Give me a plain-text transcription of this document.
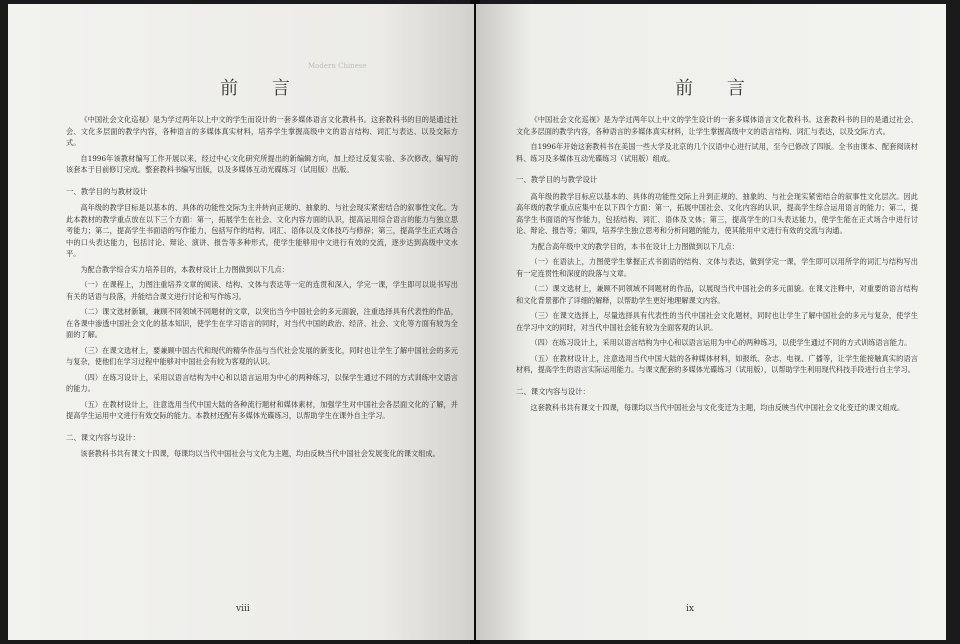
Modern Chinese
前 言

《中国社会文化巡视》是为学过两年以上中文的学生而设计的一套多媒体语言文化教科书。这套教科书的目的是通过社会、文化多层面的教学内容，各种语言的多媒体真实材料，培养学生掌握高级中文的语言结构、词汇与表达、以及交际方式。

自1996年该教材编写工作开展以来，经过中心文化研究所提出的新编辑方向，加上经过反复实验、多次修改，编写的该套本于目前修订完成。整套教科书编写出版，以及多媒体互动光碟练习（试用版）出版。

一、教学目的与教材设计

高年级的教学目标是以基本的、具体的功能性交际为主并转向正规的、抽象的、与社会现实紧密结合的叙事性文化。为此本教材的教学重点放在以下三个方面：第一，拓展学生在社会、文化内容方面的认识，提高运用综合语言的能力与独立思考能力；第二，提高学生书面语的写作能力，包括写作的结构、词汇、语体以及文体技巧与修辞；第三，提高学生正式场合中的口头表达能力，包括讨论、辩论、演讲、报告等多种形式，使学生能够用中文进行有效的交流，逐步达到高级中文水平。

为配合教学综合实力培养目的，本教材设计上力图做到以下几点：

（一）在课程上，力图注重培养文章的阅读、结构、文体与表达等一定的连贯和深入，学完一课，学生即可以说书写出有关的话语与段落，并能结合课文进行讨论和写作练习。

（二）课文选材新颖，兼顾不同领域不同题材的文章，以突出当今中国社会的多元面貌，注重选择具有代表性的作品，在各课中渗透中国社会文化的基本知识，使学生在学习语言的同时，对当代中国的政治、经济、社会、文化等方面有较为全面的了解。

（三）在课文选材上，要兼顾中国古代和现代的精华作品与当代社会发展的新变化，同时也让学生了解中国社会的多元与复杂，使他们在学习过程中能够对中国社会有较为客观的认识。

（四）在练习设计上，采用以语言结构为中心和以语言运用为中心的两种练习，以保学生通过不同的方式训练中文语言的能力。

（五）在教材设计上，注意选用当代中国大陆的各种流行题材和媒体素材，加强学生对中国社会各层面文化的了解，并提高学生运用中文进行有效交际的能力。本教材还配有多媒体光碟练习，以帮助学生在课外自主学习。

二、课文内容与设计：

该套教科书共有课文十四课，每课均以当代中国社会与文化为主题，均由反映当代中国社会发展变化的课文组成。

viii
前 言

《中国社会文化巡视》是为学过两年以上中文的学生设计的一套多媒体语言文化教科书。这套教科书的目的是通过社会、文化多层面的教学内容，各种语言的多媒体真实材料，让学生掌握高级中文的语言结构、词汇与表达，以及交际方式。

自1996年开始这套教科书在美国一些大学及北京的几个汉语中心进行试用，至今已修改了四版。全书由课本、配套阅读材料、练习及多媒体互动光碟练习（试用版）组成。

一、教学目的与教学设计

高年级的教学目标应以基本的、具体的功能性交际上升到正规的、抽象的、与社会现实紧密结合的叙事性文化层次。因此高年级的教学重点应集中在以下四个方面：第一，拓展中国社会、文化内容的认识，提高学生综合运用语言的能力；第二，提高学生书面语的写作能力，包括结构、词汇、语体及文体；第三，提高学生的口头表达能力，使学生能在正式场合中进行讨论、辩论、报告等；第四，培养学生独立思考和分析问题的能力，使其能用中文进行有效的交流与沟通。

为配合高年级中文的教学目的，本书在设计上力图做到以下几点：

（一）在语法上，力图使学生掌握正式书面语的结构、文体与表达，做到学完一课，学生即可以用所学的词汇与结构写出有一定连贯性和深度的段落与文章。

（二）课文选材上，兼顾不同领域不同题材的作品，以展现当代中国社会的多元面貌。在课文注释中，对重要的语言结构和文化背景都作了详细的解释，以帮助学生更好地理解课文内容。

（三）在课文选择上，尽量选择具有代表性的当代中国社会文化题材，同时也让学生了解中国社会的多元与复杂，使学生在学习中文的同时，对当代中国社会能有较为全面客观的认识。

（四）在练习设计上，采用以语言结构为中心和以语言运用为中心的两种练习，以使学生通过不同的方式训练语言能力。

（五）在教材设计上，注意选用当代中国大陆的各种媒体材料，如报纸、杂志、电视、广播等，让学生能接触真实的语言材料，提高学生的语言实际运用能力。与课文配套的多媒体光碟练习（试用版），以帮助学生利用现代科技手段进行自主学习。

二、课文内容与设计：

这套教科书共有课文十四课，每课均以当代中国社会与文化变迁为主题，均由反映当代中国社会文化变迁的课文组成。

ix
